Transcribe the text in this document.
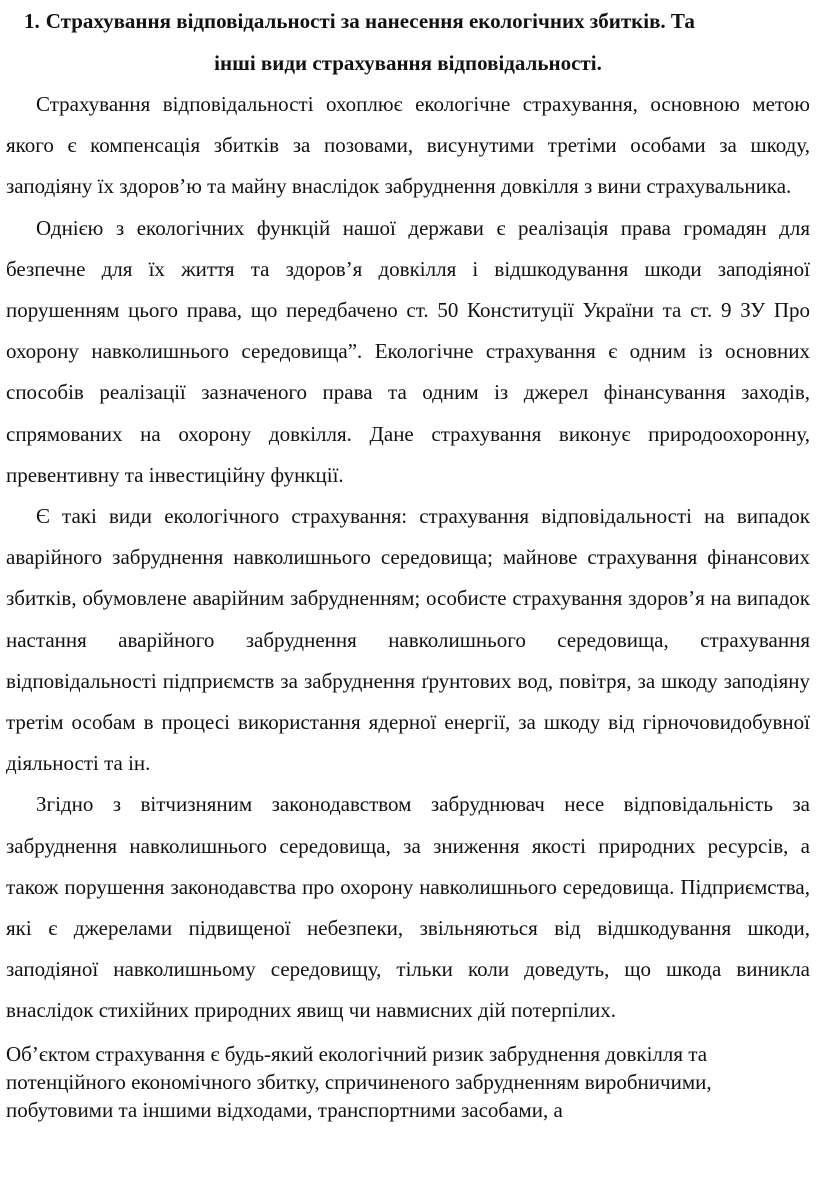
1. Страхування відповідальності за нанесення екологічних збитків. Та
інші види страхування відповідальності.

Страхування відповідальності охоплює екологічне страхування, основною метою якого є компенсація збитків за позовами, висунутими третіми особами за шкоду, заподіяну їх здоров’ю та майну внаслідок забруднення довкілля з вини страхувальника.

Однією з екологічних функцій нашої держави є реалізація права громадян для безпечне для їх життя та здоров’я довкілля і відшкодування шкоди заподіяної порушенням цього права, що передбачено ст. 50 Конституції України та ст. 9 ЗУ Про охорону навколишнього середовища”. Екологічне страхування є одним із основних способів реалізації зазначеного права та одним із джерел фінансування заходів, спрямованих на охорону довкілля. Дане страхування виконує природоохоронну, превентивну та інвестиційну функції.

Є такі види екологічного страхування: страхування відповідальності на випадок аварійного забруднення навколишнього середовища; майнове страхування фінансових збитків, обумовлене аварійним забрудненням; особисте страхування здоров’я на випадок настання аварійного забруднення навколишнього середовища, страхування відповідальності підприємств за забруднення ґрунтових вод, повітря, за шкоду заподіяну третім особам в процесі використання ядерної енергії, за шкоду від гірночовидобувної діяльності та ін.

Згідно з вітчизняним законодавством забруднювач несе відповідальність за забруднення навколишнього середовища, за зниження якості природних ресурсів, а також порушення законодавства про охорону навколишнього середовища. Підприємства, які є джерелами підвищеної небезпеки, звільняються від відшкодування шкоди, заподіяної навколишньому середовищу, тільки коли доведуть, що шкода виникла внаслідок стихійних природних явищ чи навмисних дій потерпілих.

Об’єктом страхування є будь-який екологічний ризик забруднення довкілля та потенційного економічного збитку, спричиненого забрудненням виробничими, побутовими та іншими відходами, транспортними засобами, а
